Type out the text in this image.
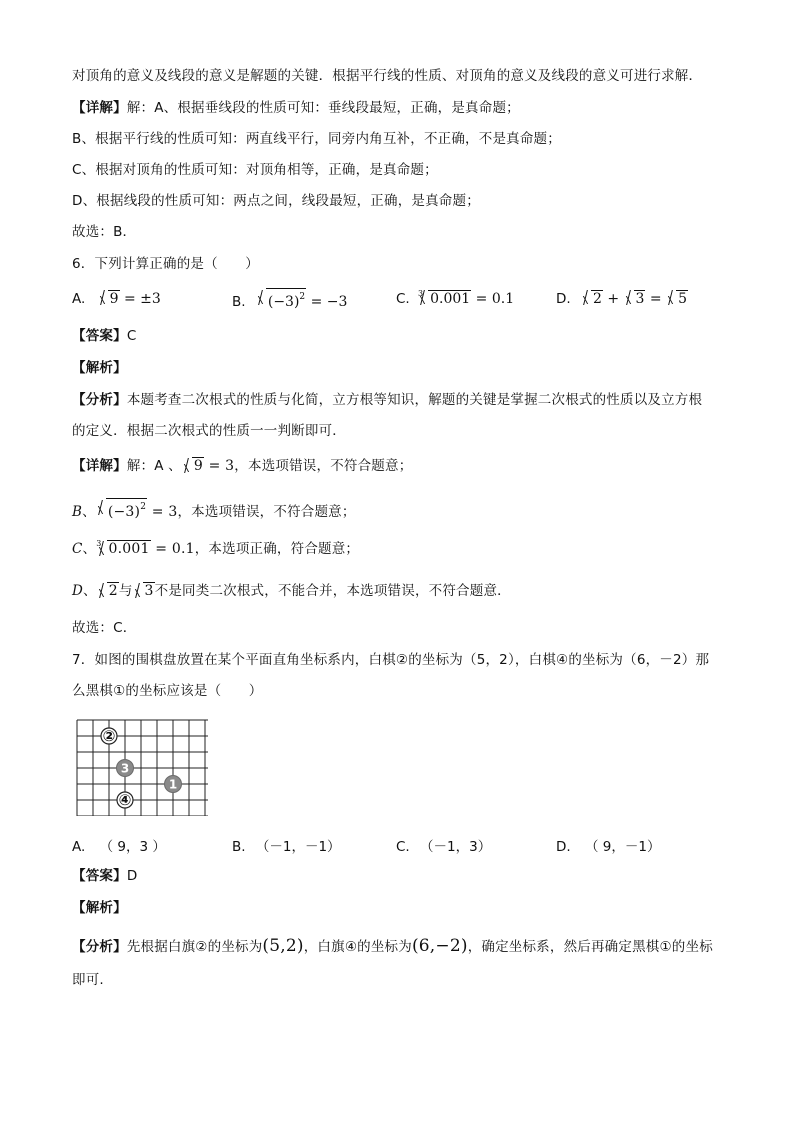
对顶角的意义及线段的意义是解题的关键．根据平行线的性质、对顶角的意义及线段的意义可进行求解．
【详解】解：A、根据垂线段的性质可知：垂线段最短，正确，是真命题；
B、根据平行线的性质可知：两直线平行，同旁内角互补，不正确，不是真命题；
C、根据对顶角的性质可知：对顶角相等，正确，是真命题；
D、根据线段的性质可知：两点之间，线段最短，正确，是真命题；
故选：B．
6．下列计算正确的是（　　）
A. 9 = ±3	B. $(-3)^2 = -3$	C. $^3$ 0.001 = 0.1	D. 2 +
3 =
5
【答案】C
【解析】
【分析】本题考查二次根式的性质与化简，立方根等知识，解题的关键是掌握二次根式的性质以及立方根
的定义．根据二次根式的性质一一判断即可．
【详解】解：A 、 9 = 3，本选项错误，不符合题意；
B、 $(-3)^2 = 3$，本选项错误，不符合题意；
C、$^3$ 0.001 = 0.1，本选项正确，符合题意；
D、 2与 3不是同类二次根式，不能合并，本选项错误，不符合题意．
故选：C．
7．如图的围棋盘放置在某个平面直角坐标系内，白棋②的坐标为（5，2），白棋④的坐标为（6，－2）那
么黑棋①的坐标应该是（　　）
②
3
1
④
A. （ 9，3 ）	B. （－1，－1）	C. （－1，3）	D. （ 9，－1）
【答案】D
【解析】
【分析】先根据白旗②的坐标为(5,2)，白旗④的坐标为(6,−2)，确定坐标系，然后再确定黑棋①的坐标
即可.
